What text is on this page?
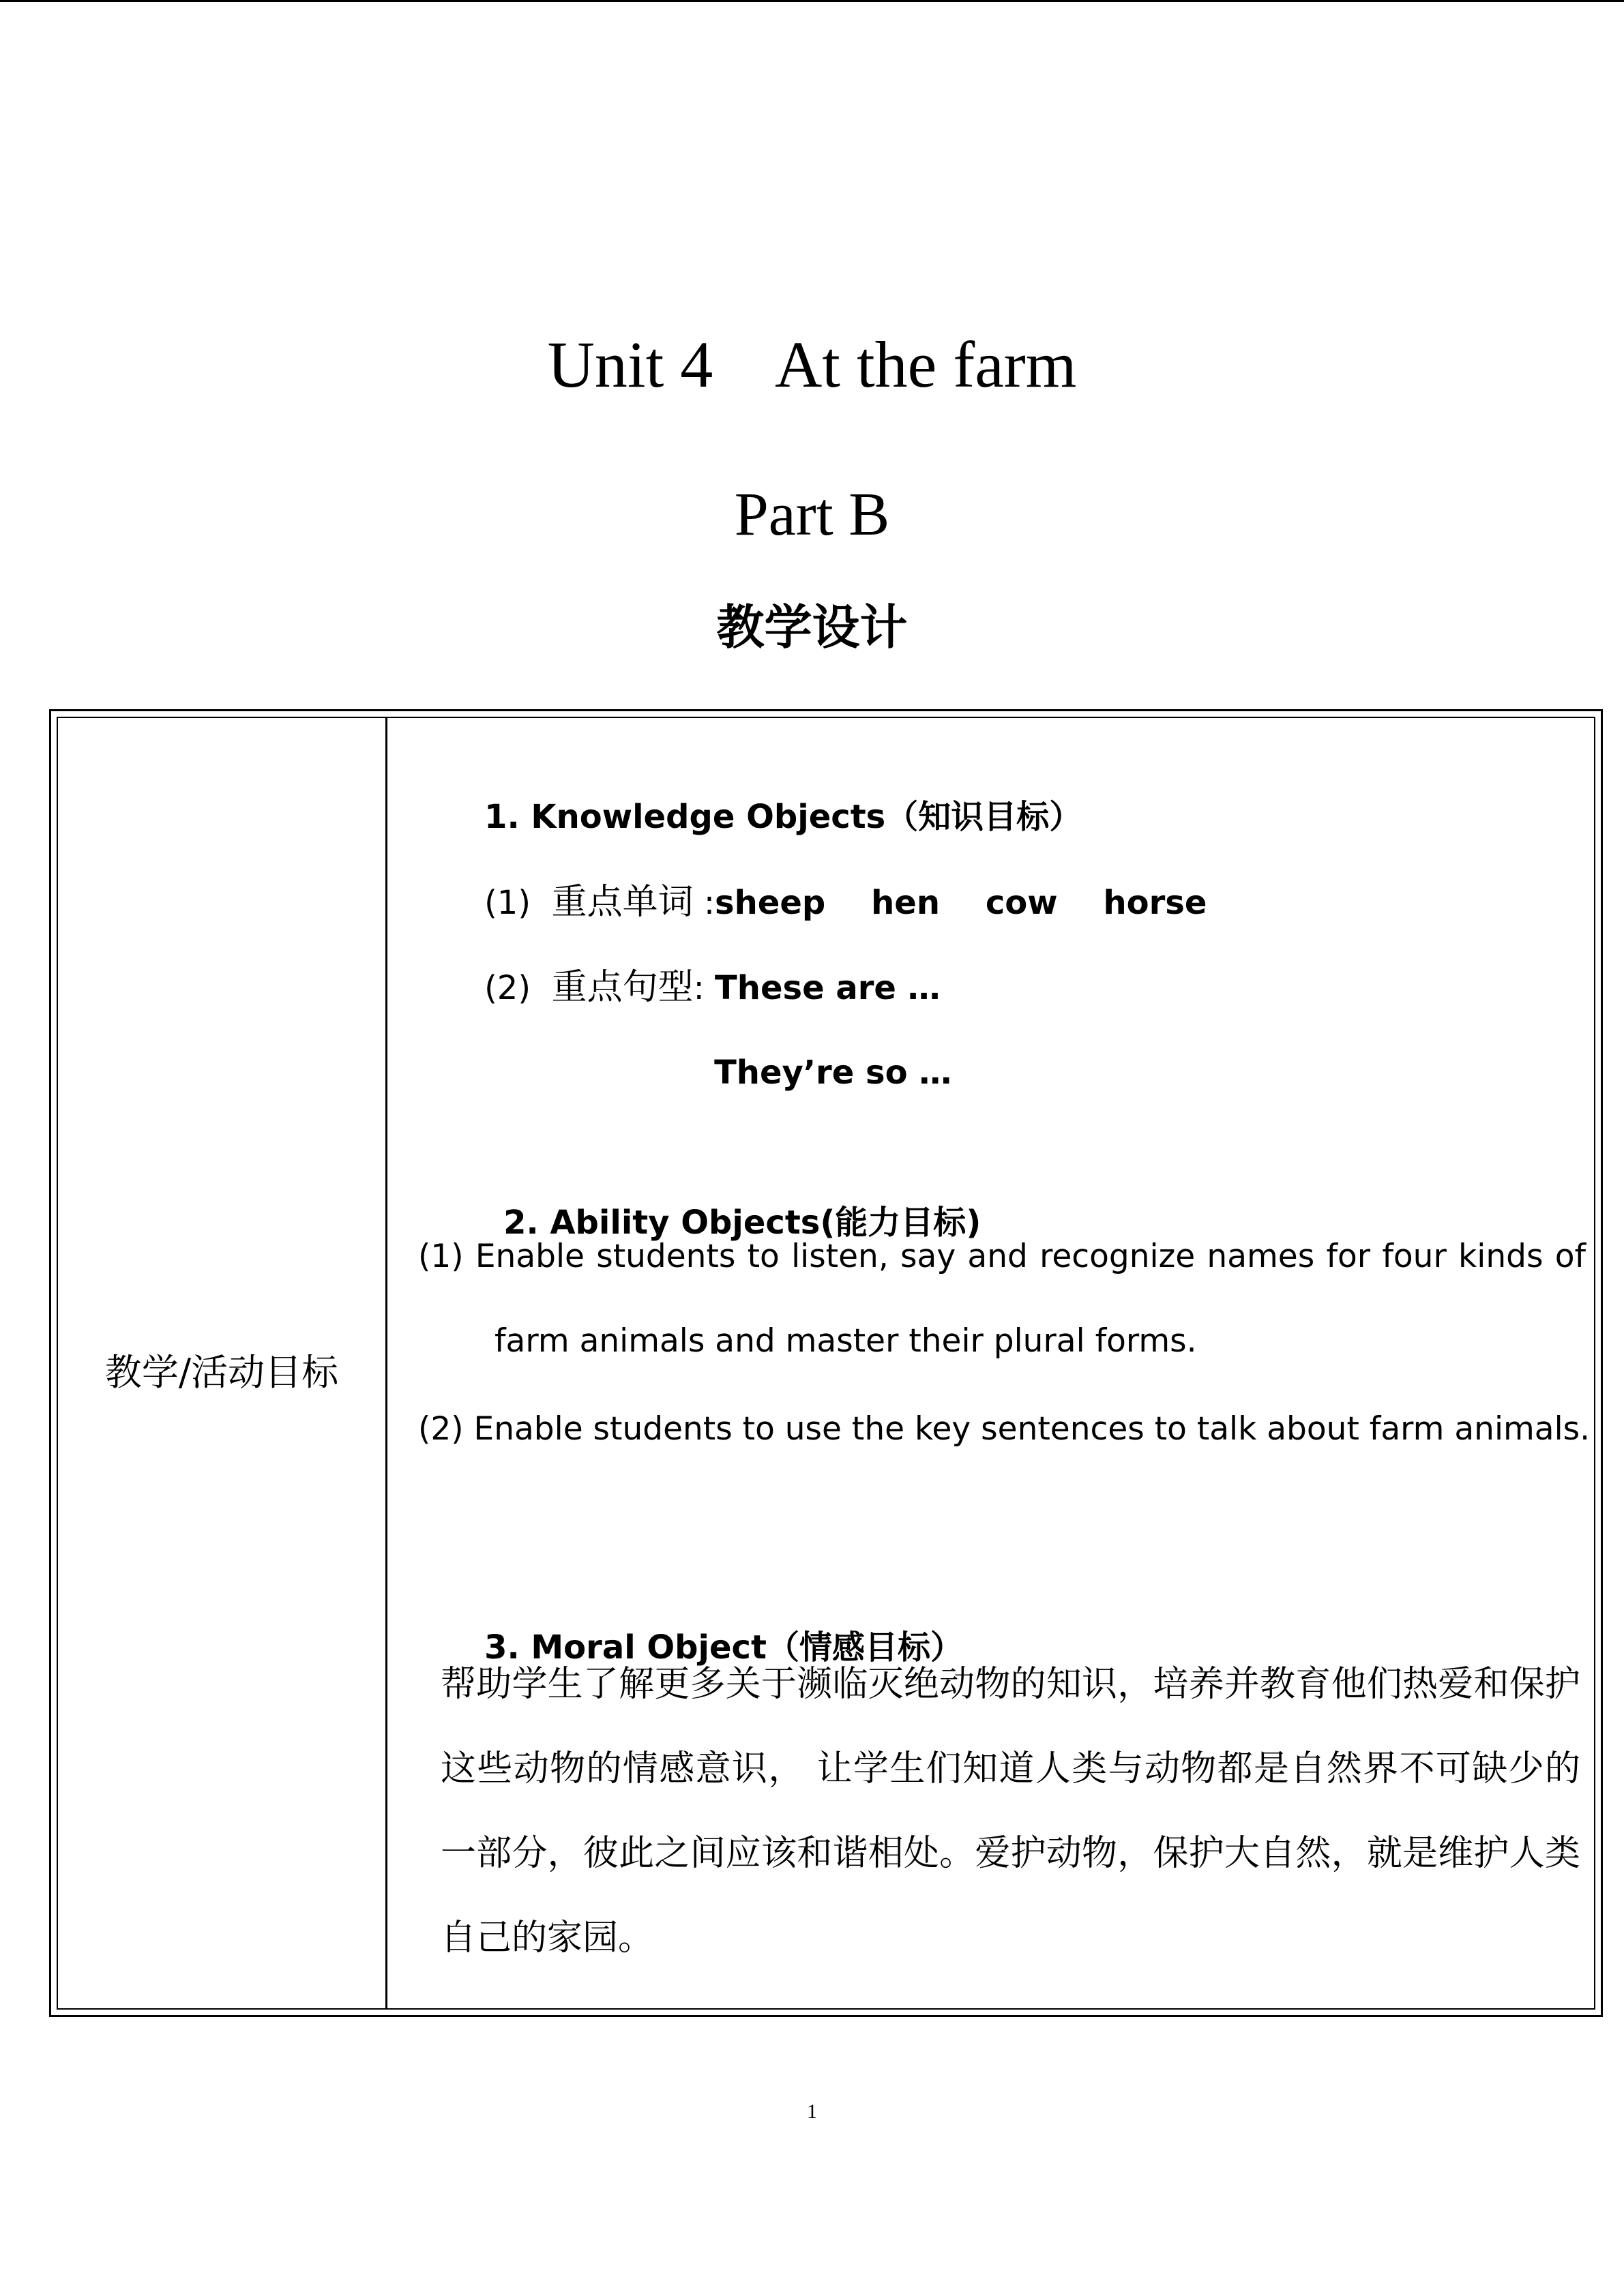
Unit 4    At the farm
Part B
教学设计
教学/活动目标

1. Knowledge Objects（知识目标）

(1) 重点单词 :sheep    hen    cow    horse

(2) 重点句型: These are …

They’re so …

2. Ability Objects(能力目标)

(1) Enable students to listen, say and recognize names for four kinds of farm animals and master their plural forms.
(2) Enable students to use the key sentences to talk about farm animals.

3. Moral Object（情感目标）

帮助学生了解更多关于濒临灭绝动物的知识，培养并教育他们热爱和保护这些动物的情感意识， 让学生们知道人类与动物都是自然界不可缺少的一部分，彼此之间应该和谐相处。爱护动物，保护大自然，就是维护人类自己的家园。
1
